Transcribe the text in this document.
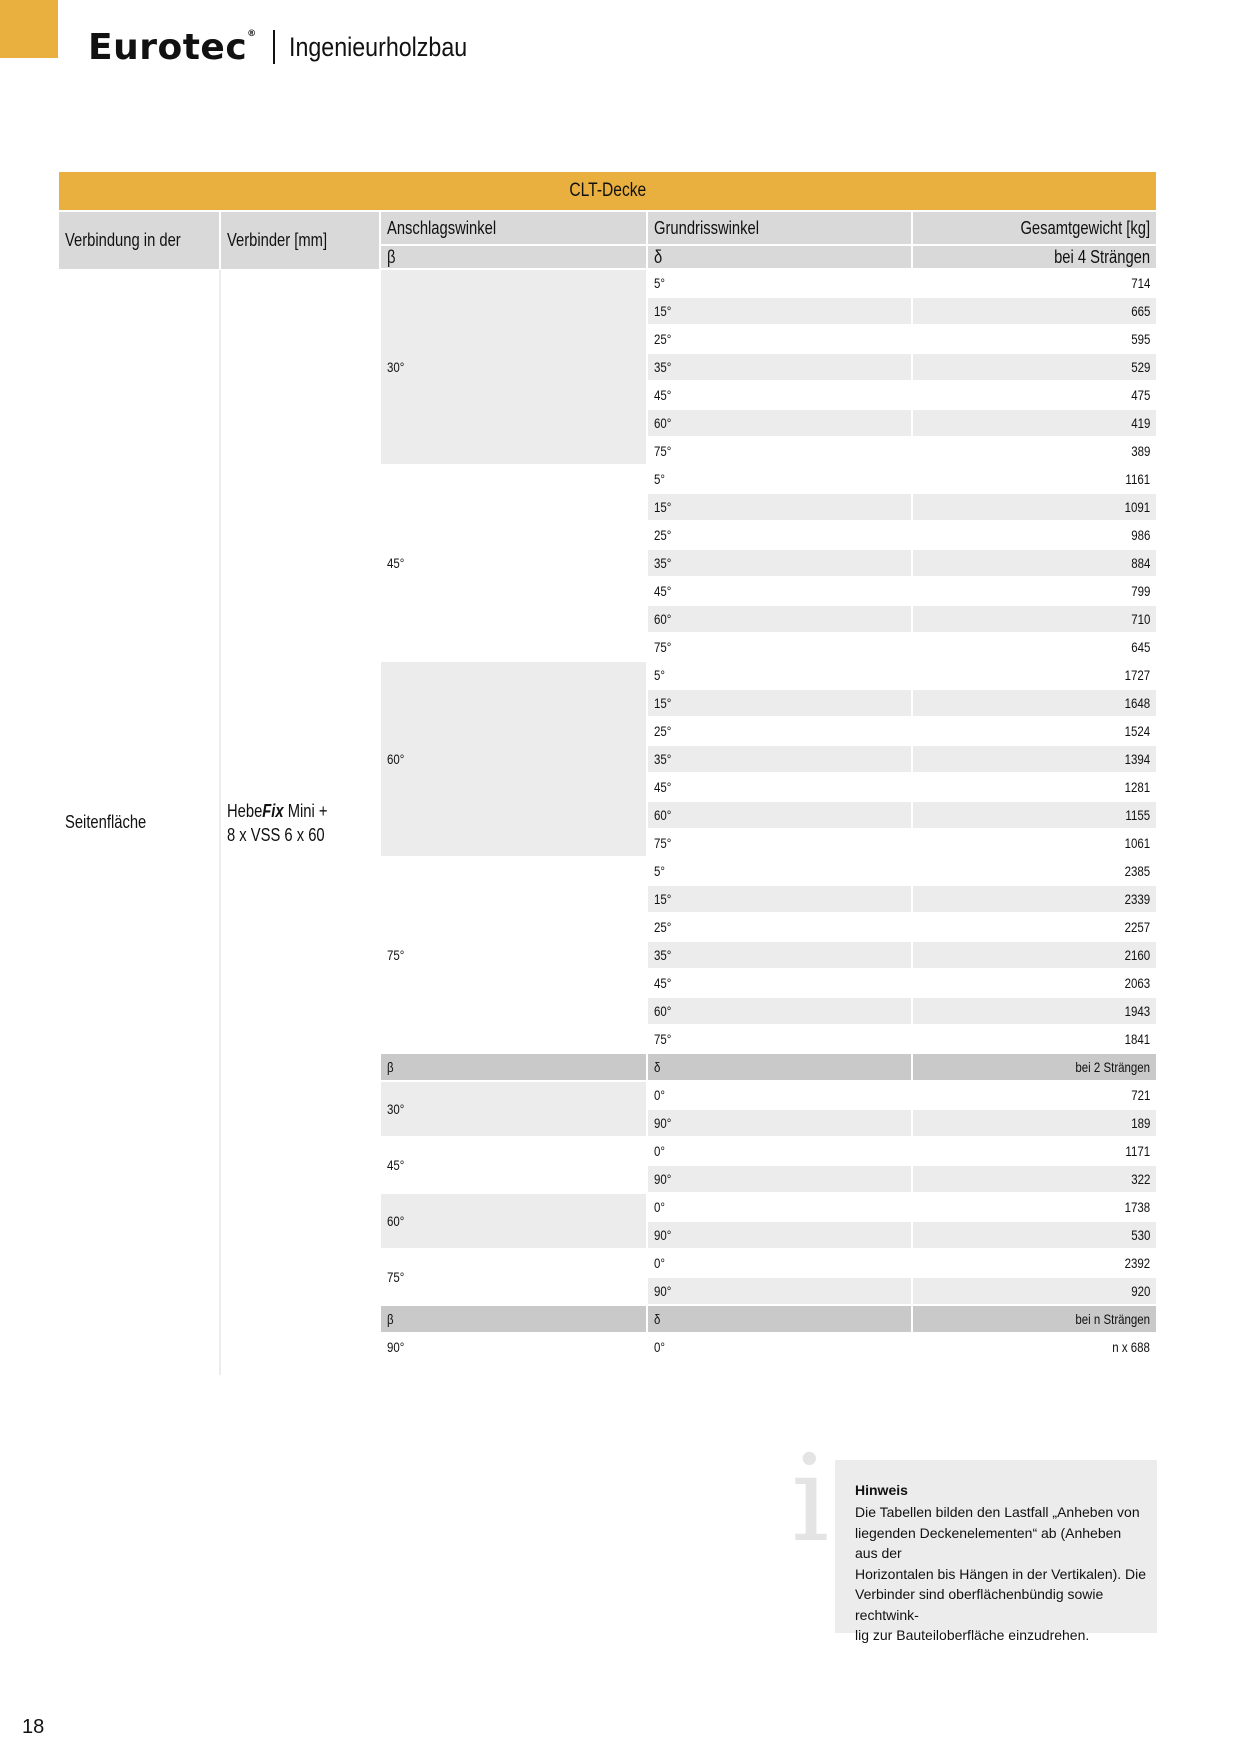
Eurotec® Ingenieurholzbau
CLT-Decke
Verbindung in der	Verbinder [mm]
Anschlagswinkel	Grundrisswinkel	Gesamtgewicht [kg]
Seitenfläche
HebeFix Mini +
8 x VSS 6 x 60
β	δ	bei 4 Strängen
30°
5°	714
15°	665
25°	595
35°	529
45°	475
60°	419
75°	389
45°
5°	1161
15°	1091
25°	986
35°	884
45°	799
60°	710
75°	645
60°
5°	1727
15°	1648
25°	1524
35°	1394
45°	1281
60°	1155
75°	1061
75°
5°	2385
15°	2339
25°	2257
35°	2160
45°	2063
60°	1943
75°	1841
β	δ	bei 2 Strängen
30°
0°	721
90°	189
45°
0°	1171
90°	322
60°
0°	1738
90°	530
75°
0°	2392
90°	920
β	δ	bei n Strängen
90°	0°	n x 688
i Hinweis
Die Tabellen bilden den Lastfall „Anheben von
liegenden Deckenelementen“ ab (Anheben aus der
Horizontalen bis Hängen in der Vertikalen). Die
Verbinder sind oberflächenbündig sowie rechtwink-
lig zur Bauteiloberfläche einzudrehen.
18
